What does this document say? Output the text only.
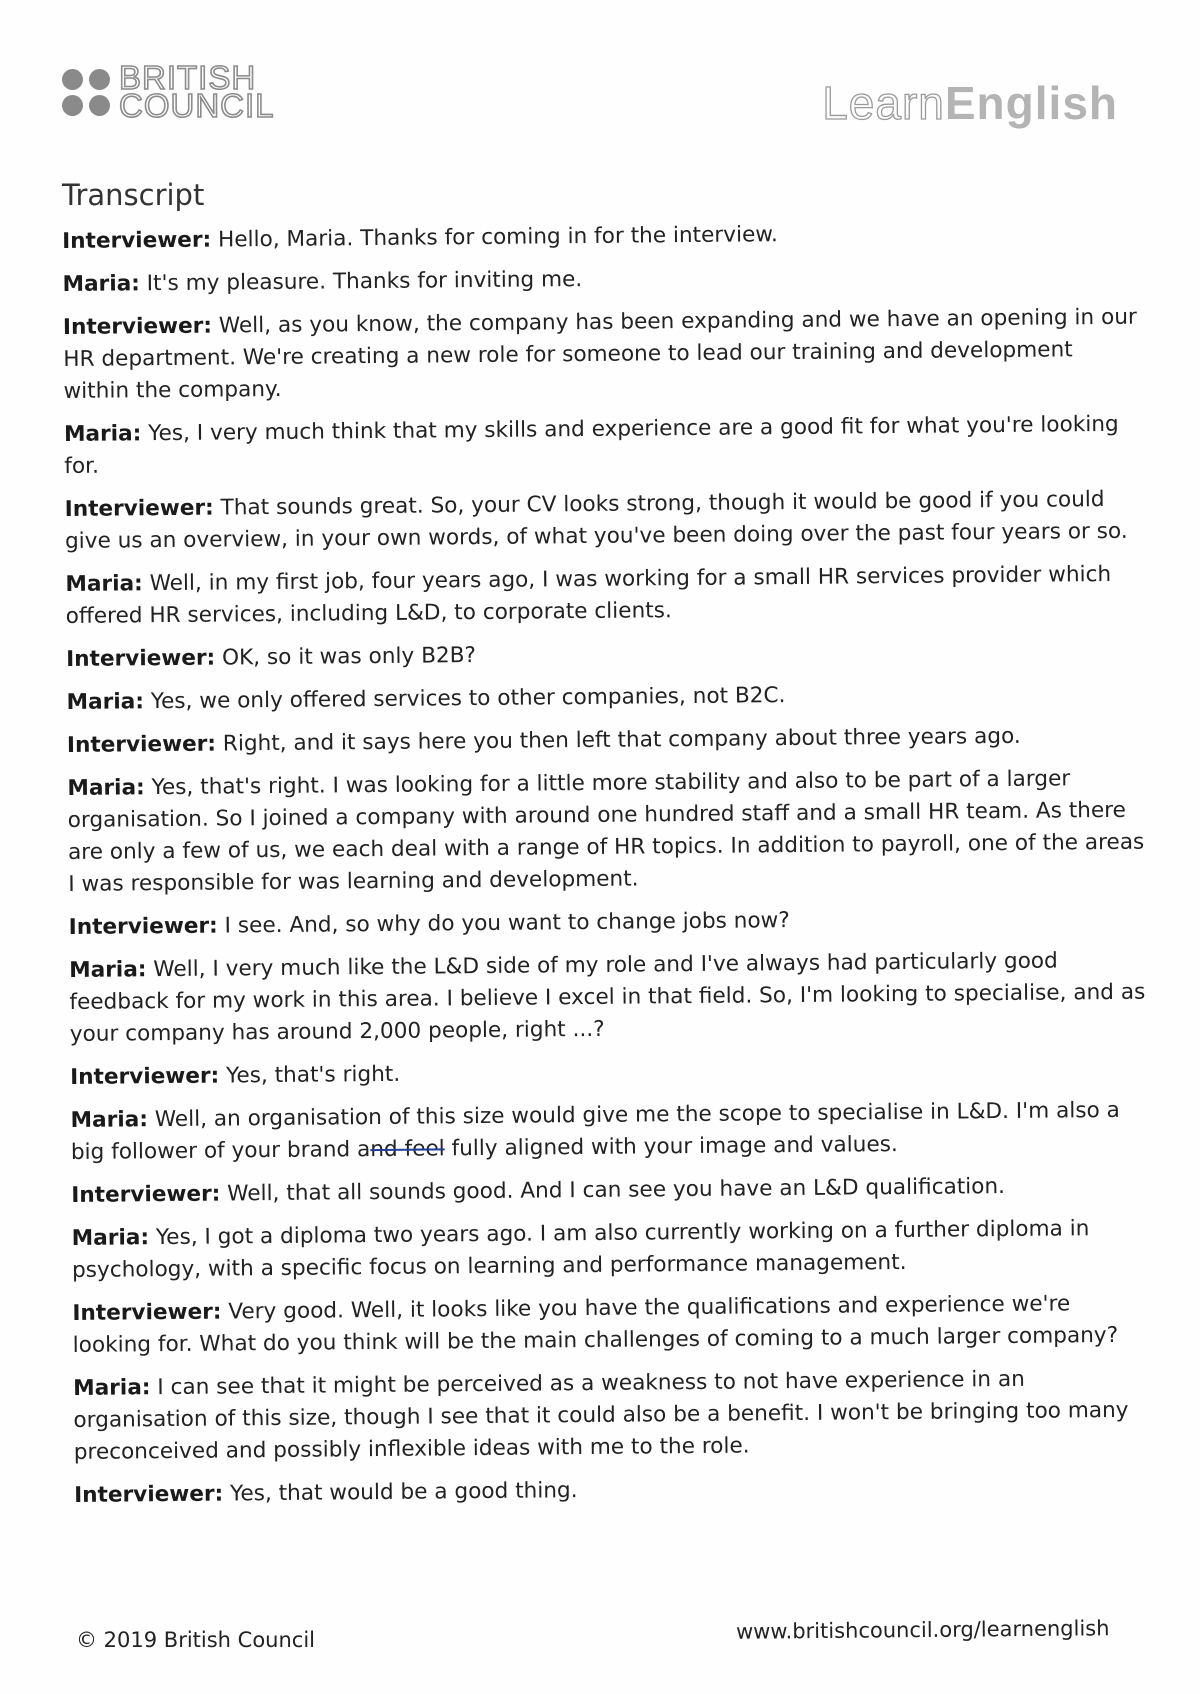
BRITISH
COUNCIL	LearnEnglish
Transcript

Interviewer: Hello, Maria. Thanks for coming in for the interview.

Maria: It's my pleasure. Thanks for inviting me.

Interviewer: Well, as you know, the company has been expanding and we have an opening in our HR department. We're creating a new role for someone to lead our training and development within the company.

Maria: Yes, I very much think that my skills and experience are a good fit for what you're looking for.

Interviewer: That sounds great. So, your CV looks strong, though it would be good if you could give us an overview, in your own words, of what you've been doing over the past four years or so.

Maria: Well, in my first job, four years ago, I was working for a small HR services provider which offered HR services, including L&D, to corporate clients.

Interviewer: OK, so it was only B2B?

Maria: Yes, we only offered services to other companies, not B2C.

Interviewer: Right, and it says here you then left that company about three years ago.

Maria: Yes, that's right. I was looking for a little more stability and also to be part of a larger organisation. So I joined a company with around one hundred staff and a small HR team. As there are only a few of us, we each deal with a range of HR topics. In addition to payroll, one of the areas I was responsible for was learning and development.

Interviewer: I see. And, so why do you want to change jobs now?

Maria: Well, I very much like the L&D side of my role and I've always had particularly good feedback for my work in this area. I believe I excel in that field. So, I'm looking to specialise, and as your company has around 2,000 people, right ...?

Interviewer: Yes, that's right.

Maria: Well, an organisation of this size would give me the scope to specialise in L&D. I'm also a big follower of your brand and feel fully aligned with your image and values.

Interviewer: Well, that all sounds good. And I can see you have an L&D qualification.

Maria: Yes, I got a diploma two years ago. I am also currently working on a further diploma in psychology, with a specific focus on learning and performance management.

Interviewer: Very good. Well, it looks like you have the qualifications and experience we're looking for. What do you think will be the main challenges of coming to a much larger company?

Maria: I can see that it might be perceived as a weakness to not have experience in an organisation of this size, though I see that it could also be a benefit. I won't be bringing too many preconceived and possibly inflexible ideas with me to the role.

Interviewer: Yes, that would be a good thing.

© 2019 British Council	www.britishcouncil.org/learnenglish
